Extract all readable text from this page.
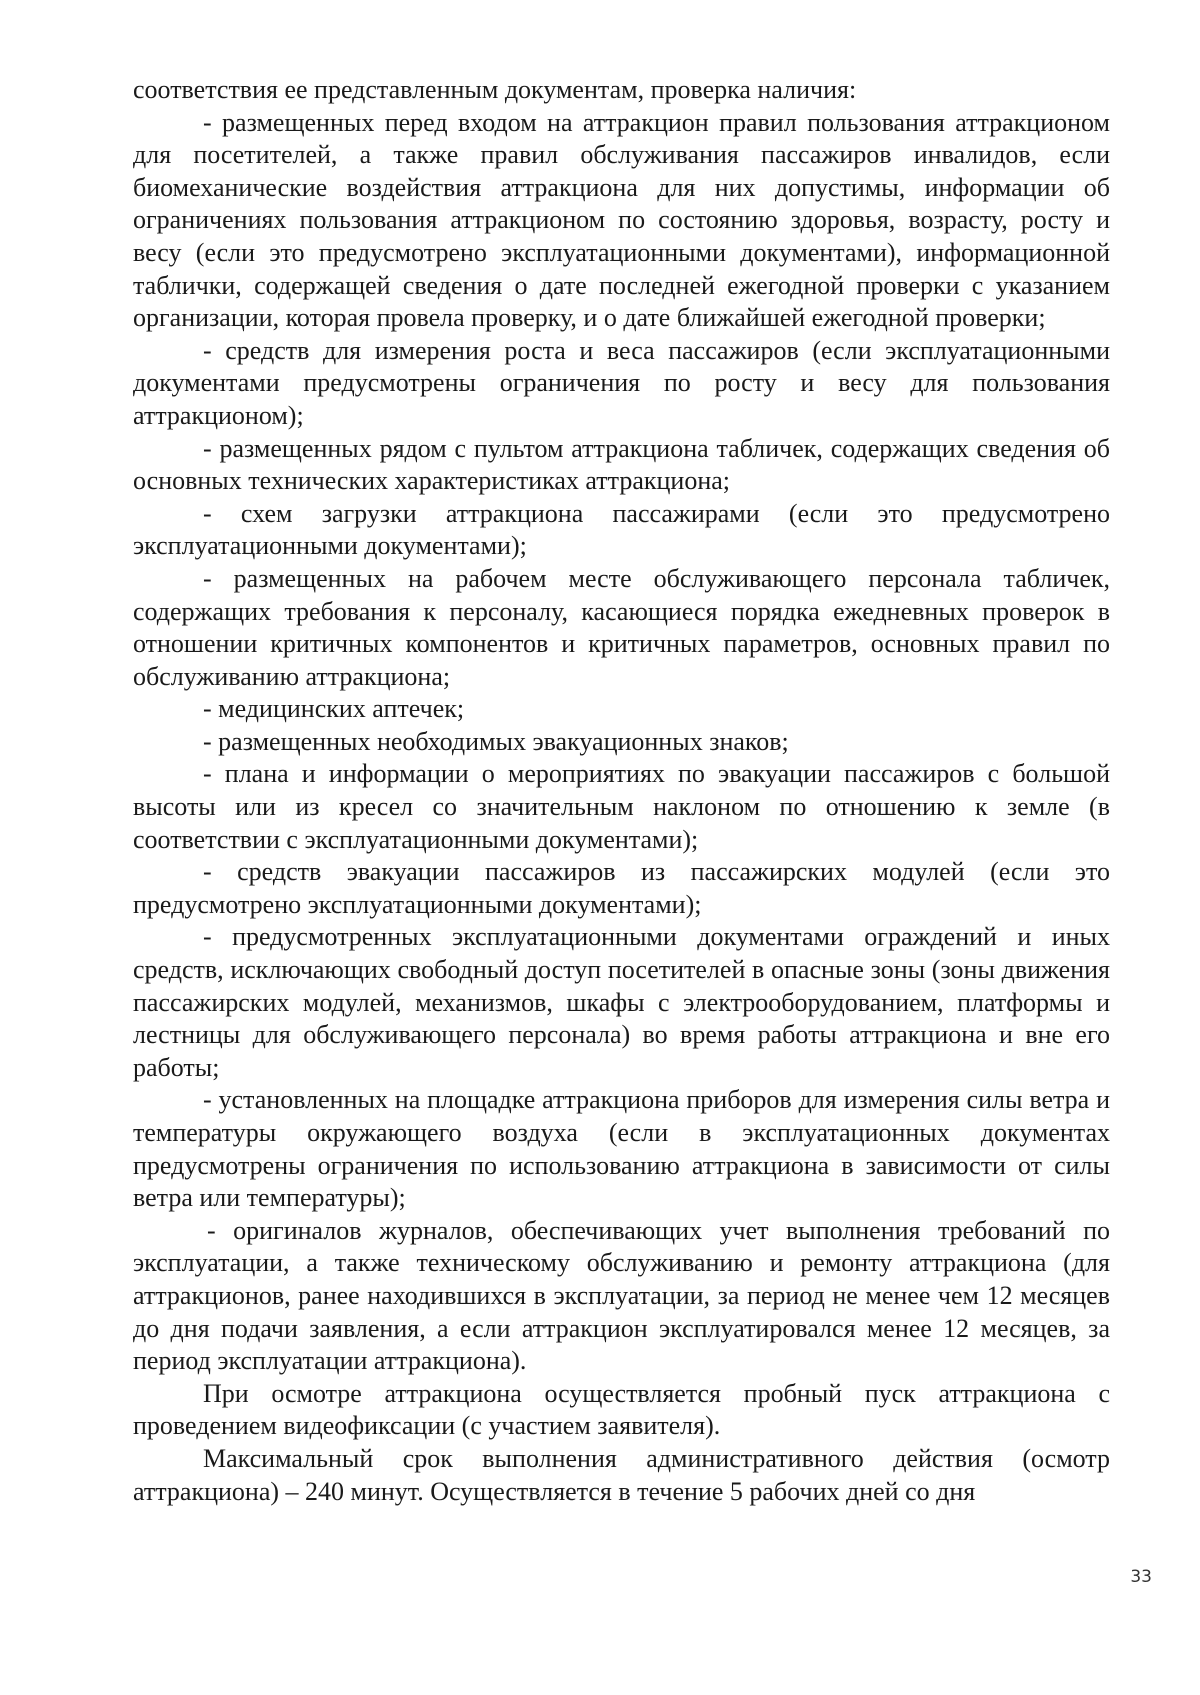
соответствия ее представленным документам, проверка наличия:

- размещенных перед входом на аттракцион правил пользования аттракционом для посетителей, а также правил обслуживания пассажиров инвалидов, если биомеханические воздействия аттракциона для них допустимы, информации об ограничениях пользования аттракционом по состоянию здоровья, возрасту, росту и весу (если это предусмотрено эксплуатационными документами), информационной таблички, содержащей сведения о дате последней ежегодной проверки с указанием организации, которая провела проверку, и о дате ближайшей ежегодной проверки;

- средств для измерения роста и веса пассажиров (если эксплуатационными документами предусмотрены ограничения по росту и весу для пользования аттракционом);

- размещенных рядом с пультом аттракциона табличек, содержащих сведения об основных технических характеристиках аттракциона;

- схем загрузки аттракциона пассажирами (если это предусмотрено эксплуатационными документами);

- размещенных на рабочем месте обслуживающего персонала табличек, содержащих требования к персоналу, касающиеся порядка ежедневных проверок в отношении критичных компонентов и критичных параметров, основных правил по обслуживанию аттракциона;

- медицинских аптечек;

- размещенных необходимых эвакуационных знаков;

- плана и информации о мероприятиях по эвакуации пассажиров с большой высоты или из кресел со значительным наклоном по отношению к земле (в соответствии с эксплуатационными документами);

- средств эвакуации пассажиров из пассажирских модулей (если это предусмотрено эксплуатационными документами);

- предусмотренных эксплуатационными документами ограждений и иных средств, исключающих свободный доступ посетителей в опасные зоны (зоны движения пассажирских модулей, механизмов, шкафы с электрооборудованием, платформы и лестницы для обслуживающего персонала) во время работы аттракциона и вне его работы;

- установленных на площадке аттракциона приборов для измерения силы ветра и температуры окружающего воздуха (если в эксплуатационных документах предусмотрены ограничения по использованию аттракциона в зависимости от силы ветра или температуры);

- оригиналов журналов, обеспечивающих учет выполнения требований по эксплуатации, а также техническому обслуживанию и ремонту аттракциона (для аттракционов, ранее находившихся в эксплуатации, за период не менее чем 12 месяцев до дня подачи заявления, а если аттракцион эксплуатировался менее 12 месяцев, за период эксплуатации аттракциона).

При осмотре аттракциона осуществляется пробный пуск аттракциона с проведением видеофиксации (с участием заявителя).

Максимальный срок выполнения административного действия (осмотр аттракциона) – 240 минут. Осуществляется в течение 5 рабочих дней со дня

33
